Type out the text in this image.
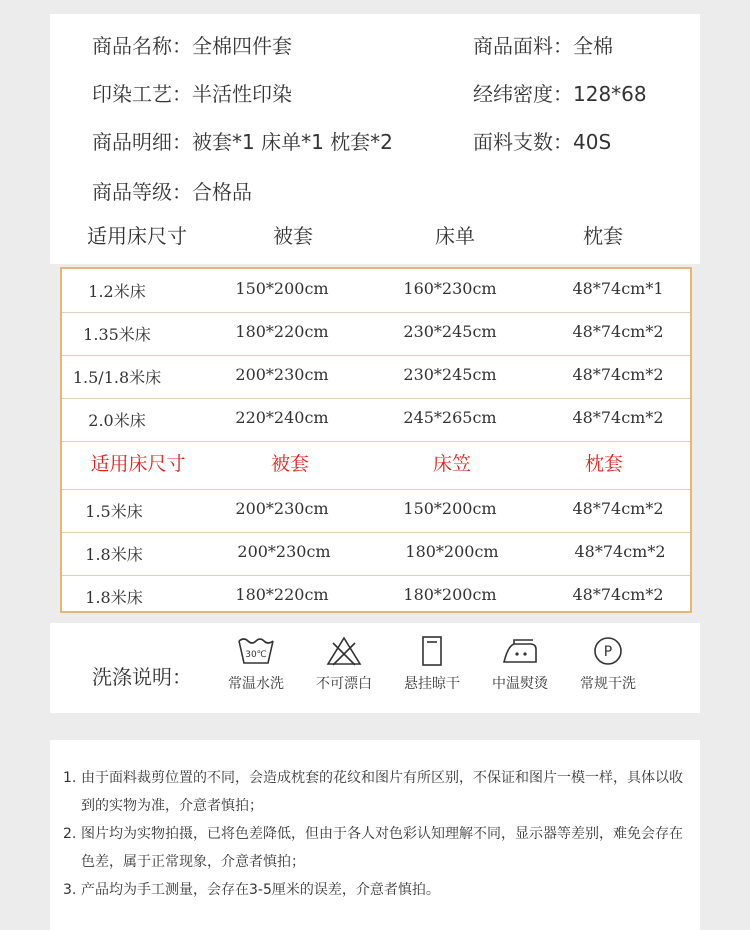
商品名称：全棉四件套	商品面料：全棉
印染工艺：半活性印染	经纬密度：128*68
商品明细：被套*1 床单*1 枕套*2	面料支数：40S
商品等级：合格品
适用床尺寸	被套	床单	枕套
1.2米床	150*200cm	160*230cm	48*74cm*1
1.35米床	180*220cm	230*245cm	48*74cm*2
1.5/1.8米床	200*230cm	230*245cm	48*74cm*2
2.0米床	220*240cm	245*265cm	48*74cm*2
适用床尺寸	被套	床笠	枕套
1.5米床	200*230cm	150*200cm	48*74cm*2
1.8米床	200*230cm	180*200cm	48*74cm*2
1.8米床	180*220cm	180*200cm	48*74cm*2
洗涤说明：
30℃
常温水洗	不可漂白	悬挂晾干	中温熨烫
P
常规干洗
1. 由于面料裁剪位置的不同，会造成枕套的花纹和图片有所区别，不保证和图片一模一样，具体以收到的实物为准，介意者慎拍；
2. 图片均为实物拍摄，已将色差降低，但由于各人对色彩认知理解不同，显示器等差别，难免会存在色差，属于正常现象，介意者慎拍；
3. 产品均为手工测量，会存在3-5厘米的误差，介意者慎拍。
